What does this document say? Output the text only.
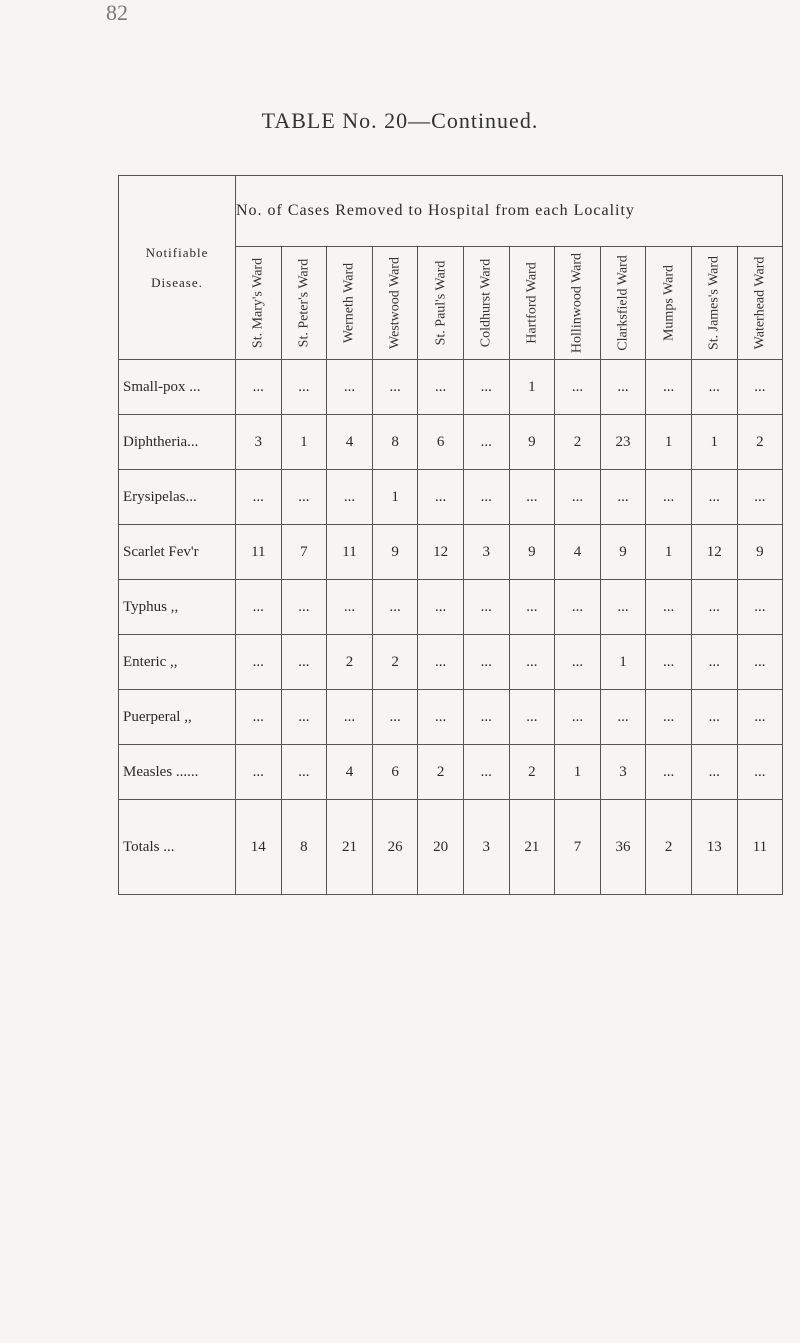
82
TABLE No. 20—Continued.
Notifiable Disease.	No. of Cases Removed to Hospital from each Locality											

	St. Mary's Ward	St. Peter's Ward	Werneth Ward	Westwood Ward	St. Paul's Ward	Coldhurst Ward	Hartford Ward	Hollinwood Ward	Clarksfield Ward	Mumps Ward	St. James's Ward	Waterhead Ward

Small-pox ...	...	...	...	...	...	...	1	...	...	...	...	...
Diphtheria...	3	1	4	8	6	...	9	2	23	1	1	2
Erysipelas...	...	...	...	1	...	...	...	...	...	...	...	...
Scarlet Fev'r	11	7	11	9	12	3	9	4	9	1	12	9
Typhus ,,	...	...	...	...	...	...	...	...	...	...	...	...
Enteric ,,	...	...	2	2	...	...	...	...	1	...	...	...
Puerperal ,,	...	...	...	...	...	...	...	...	...	...	...	...
Measles ......	...	...	4	6	2	...	2	1	3	...	...	...
Totals ...	14	8	21	26	20	3	21	7	36	2	13	11
